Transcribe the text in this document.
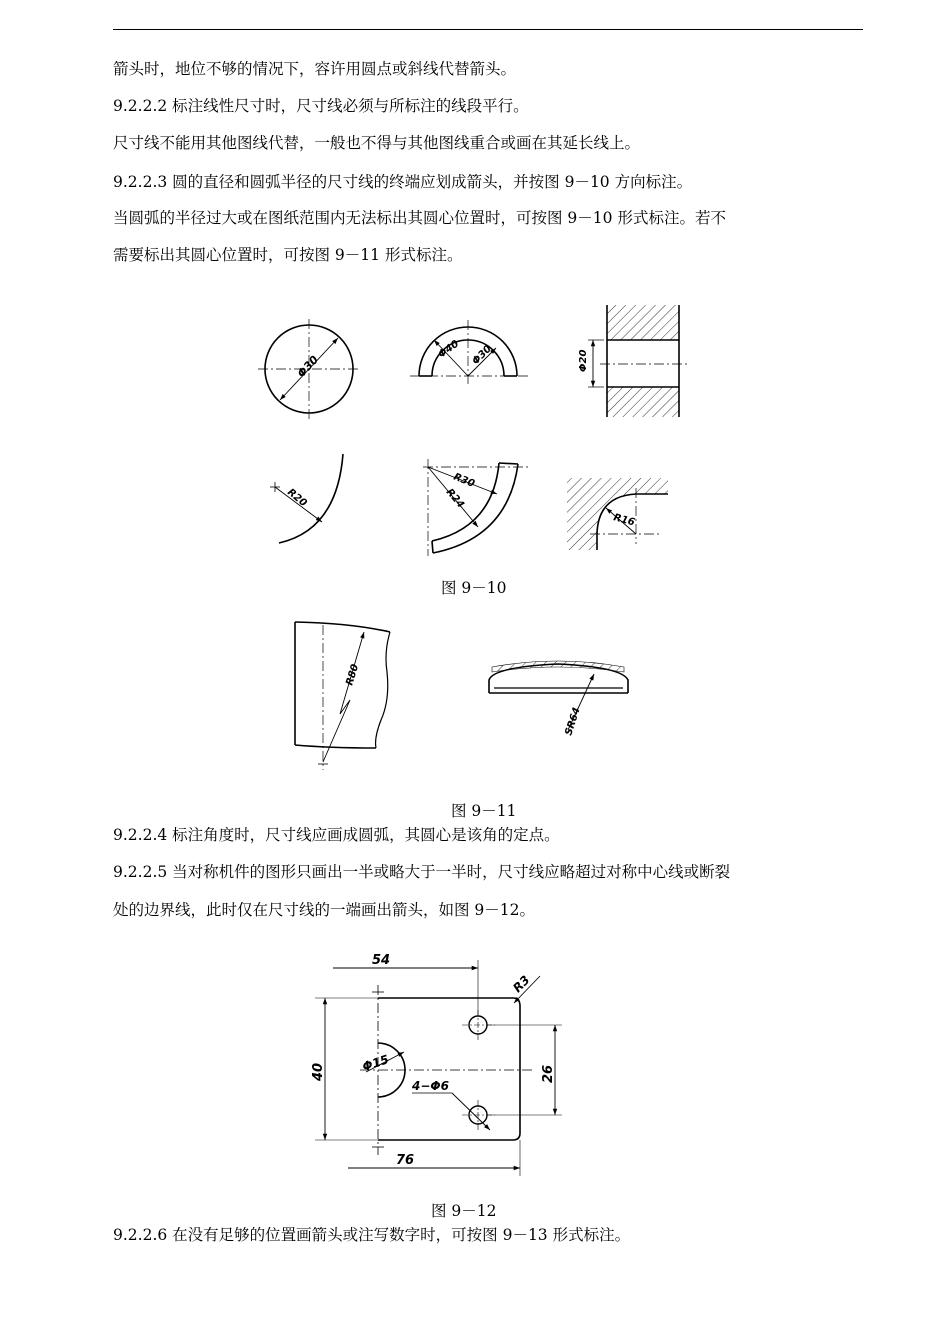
箭头时，地位不够的情况下，容许用圆点或斜线代替箭头。
9.2.2.2 标注线性尺寸时，尺寸线必须与所标注的线段平行。
尺寸线不能用其他图线代替，一般也不得与其他图线重合或画在其延长线上。
9.2.2.3 圆的直径和圆弧半径的尺寸线的终端应划成箭头，并按图 9－10 方向标注。
当圆弧的半径过大或在图纸范围内无法标出其圆心位置时，可按图 9－10 形式标注。若不
需要标出其圆心位置时，可按图 9－11 形式标注。
Φ30
Φ40 Φ30	Φ20
R20
R30
R24
R16
R80
SR64
54
R3
40	Φ15
4−Φ6
26
76
图 9－10
图 9－11
9.2.2.4 标注角度时，尺寸线应画成圆弧，其圆心是该角的定点。
9.2.2.5 当对称机件的图形只画出一半或略大于一半时，尺寸线应略超过对称中心线或断裂
处的边界线，此时仅在尺寸线的一端画出箭头，如图 9－12。
图 9－12
9.2.2.6 在没有足够的位置画箭头或注写数字时，可按图 9－13 形式标注。
